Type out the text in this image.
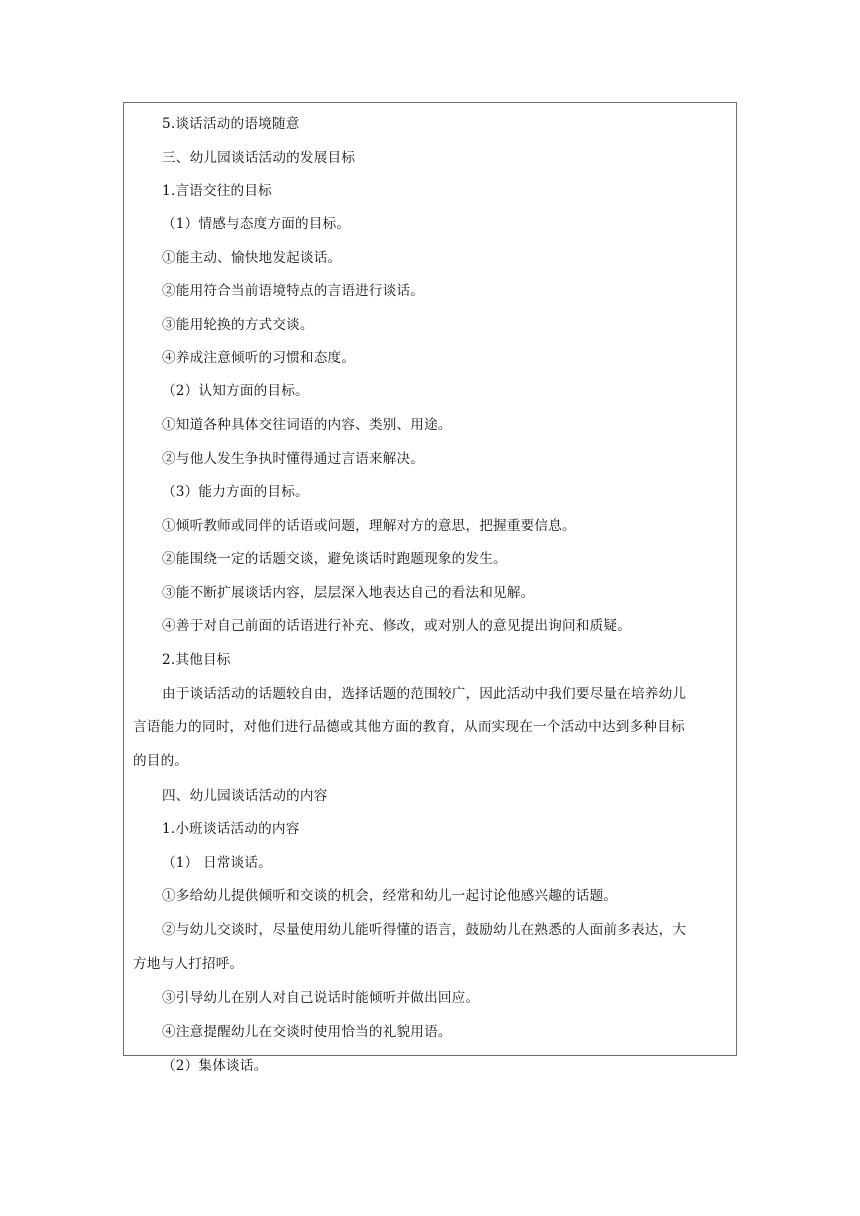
5.谈话活动的语境随意
三、幼儿园谈话活动的发展目标
1.言语交往的目标
（1）情感与态度方面的目标。
①能主动、愉快地发起谈话。
②能用符合当前语境特点的言语进行谈话。
③能用轮换的方式交谈。
④养成注意倾听的习惯和态度。
（2）认知方面的目标。
①知道各种具体交往词语的内容、类别、用途。
②与他人发生争执时懂得通过言语来解决。
（3）能力方面的目标。
①倾听教师或同伴的话语或问题，理解对方的意思，把握重要信息。
②能围绕一定的话题交谈，避免谈话时跑题现象的发生。
③能不断扩展谈话内容，层层深入地表达自己的看法和见解。
④善于对自己前面的话语进行补充、修改，或对别人的意见提出询问和质疑。
2.其他目标
由于谈话活动的话题较自由，选择话题的范围较广，因此活动中我们要尽量在培养幼儿
言语能力的同时，对他们进行品德或其他方面的教育，从而实现在一个活动中达到多种目标
的目的。
四、幼儿园谈话活动的内容
1.小班谈话活动的内容
（1） 日常谈话。
①多给幼儿提供倾听和交谈的机会，经常和幼儿一起讨论他感兴趣的话题。
②与幼儿交谈时，尽量使用幼儿能听得懂的语言，鼓励幼儿在熟悉的人面前多表达，大
方地与人打招呼。
③引导幼儿在别人对自己说话时能倾听并做出回应。
④注意提醒幼儿在交谈时使用恰当的礼貌用语。
（2）集体谈话。
